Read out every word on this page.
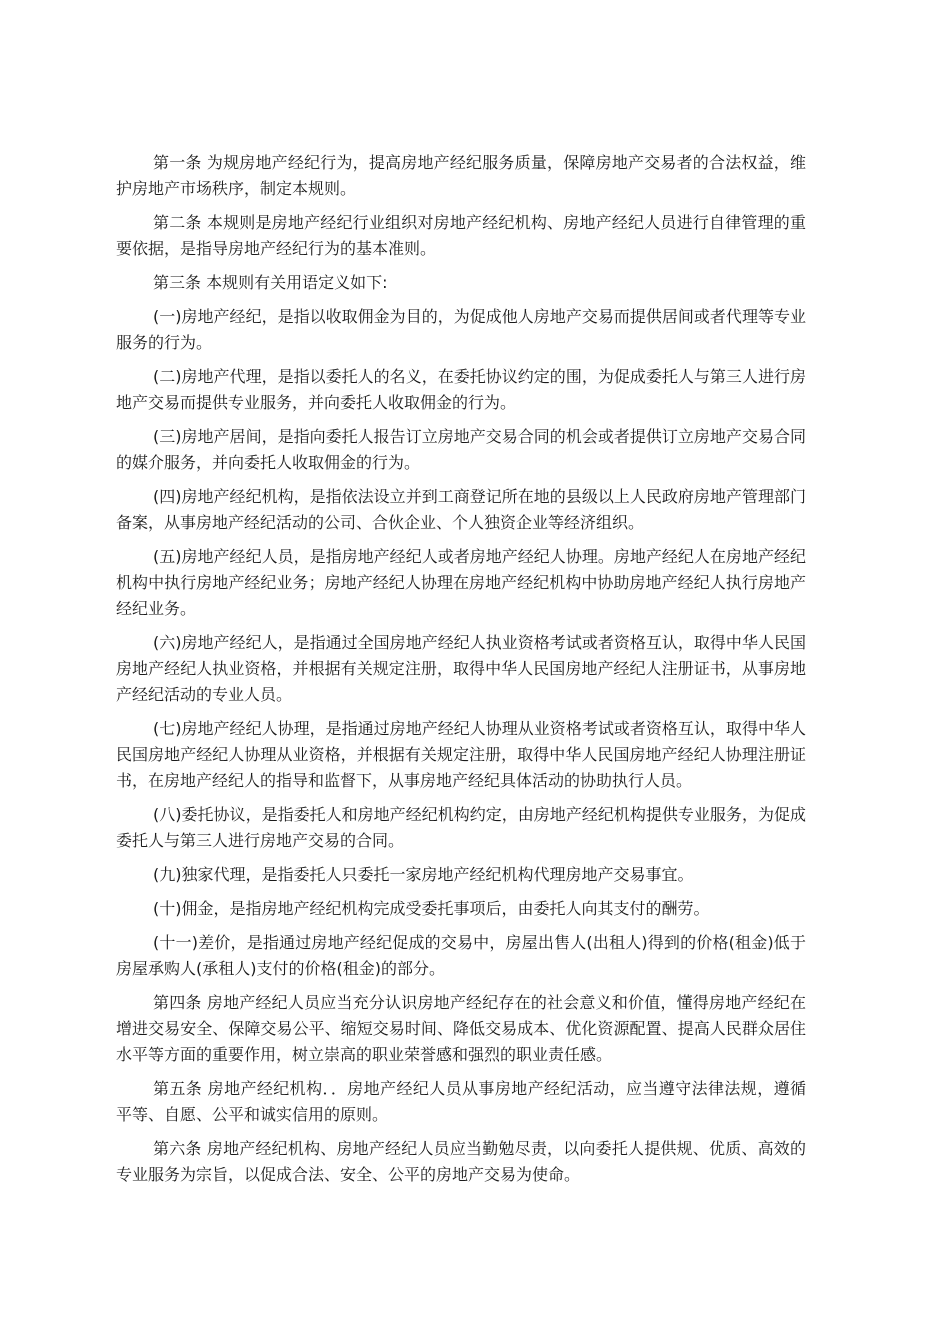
第一条 为规房地产经纪行为，提高房地产经纪服务质量，保障房地产交易者的合法权益，维护房地产市场秩序，制定本规则。

第二条 本规则是房地产经纪行业组织对房地产经纪机构、房地产经纪人员进行自律管理的重要依据，是指导房地产经纪行为的基本准则。

第三条 本规则有关用语定义如下:

(一)房地产经纪，是指以收取佣金为目的，为促成他人房地产交易而提供居间或者代理等专业服务的行为。

(二)房地产代理，是指以委托人的名义，在委托协议约定的围，为促成委托人与第三人进行房地产交易而提供专业服务，并向委托人收取佣金的行为。

(三)房地产居间，是指向委托人报告订立房地产交易合同的机会或者提供订立房地产交易合同的媒介服务，并向委托人收取佣金的行为。

(四)房地产经纪机构，是指依法设立并到工商登记所在地的县级以上人民政府房地产管理部门备案，从事房地产经纪活动的公司、合伙企业、个人独资企业等经济组织。

(五)房地产经纪人员，是指房地产经纪人或者房地产经纪人协理。房地产经纪人在房地产经纪机构中执行房地产经纪业务；房地产经纪人协理在房地产经纪机构中协助房地产经纪人执行房地产经纪业务。

(六)房地产经纪人，是指通过全国房地产经纪人执业资格考试或者资格互认，取得中华人民国房地产经纪人执业资格，并根据有关规定注册，取得中华人民国房地产经纪人注册证书，从事房地产经纪活动的专业人员。

(七)房地产经纪人协理，是指通过房地产经纪人协理从业资格考试或者资格互认，取得中华人民国房地产经纪人协理从业资格，并根据有关规定注册，取得中华人民国房地产经纪人协理注册证书，在房地产经纪人的指导和监督下，从事房地产经纪具体活动的协助执行人员。

(八)委托协议，是指委托人和房地产经纪机构约定，由房地产经纪机构提供专业服务，为促成委托人与第三人进行房地产交易的合同。

(九)独家代理，是指委托人只委托一家房地产经纪机构代理房地产交易事宜。

(十)佣金，是指房地产经纪机构完成受委托事项后，由委托人向其支付的酬劳。

(十一)差价，是指通过房地产经纪促成的交易中，房屋出售人(出租人)得到的价格(租金)低于房屋承购人(承租人)支付的价格(租金)的部分。

第四条 房地产经纪人员应当充分认识房地产经纪存在的社会意义和价值，懂得房地产经纪在增进交易安全、保障交易公平、缩短交易时间、降低交易成本、优化资源配置、提高人民群众居住水平等方面的重要作用，树立崇高的职业荣誉感和强烈的职业责任感。

第五条 房地产经纪机构．．房地产经纪人员从事房地产经纪活动，应当遵守法律法规，遵循平等、自愿、公平和诚实信用的原则。

第六条 房地产经纪机构、房地产经纪人员应当勤勉尽责，以向委托人提供规、优质、高效的专业服务为宗旨，以促成合法、安全、公平的房地产交易为使命。
